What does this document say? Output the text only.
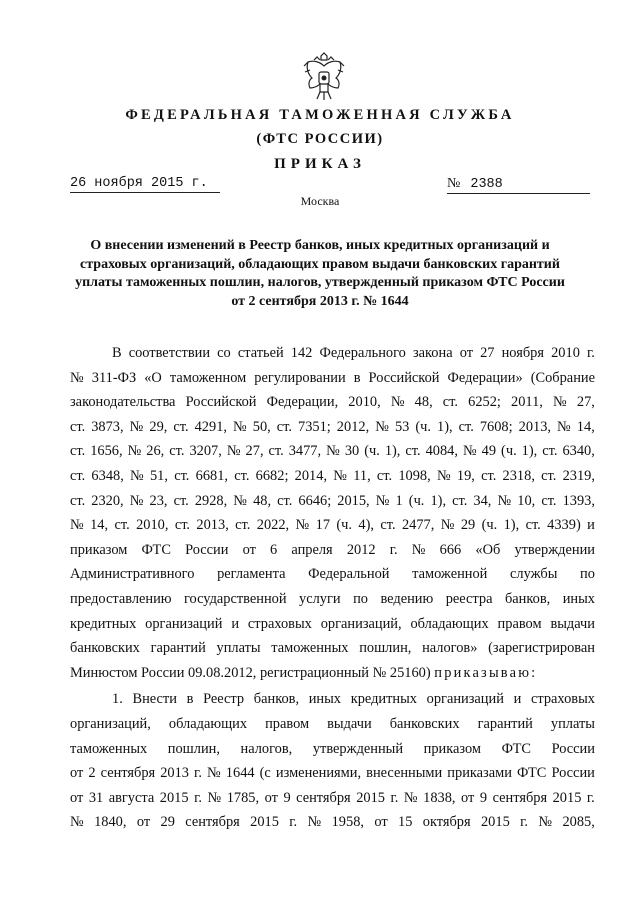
ФЕДЕРАЛЬНАЯ ТАМОЖЕННАЯ СЛУЖБА
(ФТС РОССИИ)
ПРИКАЗ
26 ноября 2015 г.	№ 2388
Москва
О внесении изменений в Реестр банков, иных кредитных организаций и
страховых организаций, обладающих правом выдачи банковских гарантий
уплаты таможенных пошлин, налогов, утвержденный приказом ФТС России
от 2 сентября 2013 г. № 1644
В соответствии со статьей 142 Федерального закона от 27 ноября 2010 г.
№ 311-ФЗ «О таможенном регулировании в Российской Федерации» (Собрание
законодательства Российской Федерации, 2010, № 48, ст. 6252; 2011, № 27,
ст. 3873, № 29, ст. 4291, № 50, ст. 7351; 2012, № 53 (ч. 1), ст. 7608; 2013, № 14,
ст. 1656, № 26, ст. 3207, № 27, ст. 3477, № 30 (ч. 1), ст. 4084, № 49 (ч. 1), ст. 6340,
ст. 6348, № 51, ст. 6681, ст. 6682; 2014, № 11, ст. 1098, № 19, ст. 2318, ст. 2319,
ст. 2320, № 23, ст. 2928, № 48, ст. 6646; 2015, № 1 (ч. 1), ст. 34, № 10, ст. 1393,
№ 14, ст. 2010, ст. 2013, ст. 2022, № 17 (ч. 4), ст. 2477, № 29 (ч. 1), ст. 4339) и
приказом ФТС России от 6 апреля 2012 г. № 666 «Об утверждении
Административного регламента Федеральной таможенной службы по
предоставлению государственной услуги по ведению реестра банков, иных
кредитных организаций и страховых организаций, обладающих правом выдачи
банковских гарантий уплаты таможенных пошлин, налогов» (зарегистрирован
Минюстом России 09.08.2012, регистрационный № 25160)
приказываю:
1. Внести в Реестр банков, иных кредитных организаций и страховых
организаций, обладающих правом выдачи банковских гарантий уплаты
таможенных пошлин, налогов, утвержденный приказом ФТС России
от 2 сентября 2013 г. № 1644 (с изменениями, внесенными приказами ФТС России
от 31 августа 2015 г. № 1785, от 9 сентября 2015 г. № 1838, от 9 сентября 2015 г.
№ 1840, от 29 сентября 2015 г. № 1958, от 15 октября 2015 г. № 2085,
